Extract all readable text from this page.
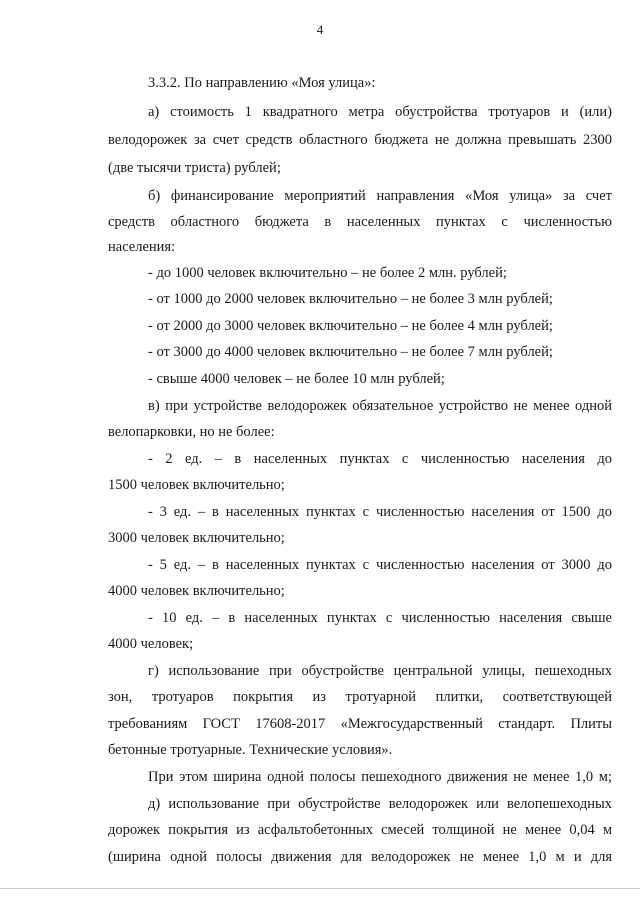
4
3.3.2. По направлению «Моя улица»:
а) стоимость 1 квадратного метра обустройства тротуаров и (или)
велодорожек за счет средств областного бюджета не должна превышать 2300
(две тысячи триста) рублей;
б) финансирование мероприятий направления «Моя улица» за счет
средств областного бюджета в населенных пунктах с численностью
населения:
- до 1000 человек включительно – не более 2 млн. рублей;
- от 1000 до 2000 человек включительно – не более 3 млн рублей;
- от 2000 до 3000 человек включительно – не более 4 млн рублей;
- от 3000 до 4000 человек включительно – не более 7 млн рублей;
- свыше 4000 человек – не более 10 млн рублей;
в) при устройстве велодорожек обязательное устройство не менее одной
велопарковки, но не более:
- 2 ед. – в населенных пунктах с численностью населения до
1500 человек включительно;
- 3 ед. – в населенных пунктах с численностью населения от 1500 до
3000 человек включительно;
- 5 ед. – в населенных пунктах с численностью населения от 3000 до
4000 человек включительно;
- 10 ед. – в населенных пунктах с численностью населения свыше
4000 человек;
г) использование при обустройстве центральной улицы, пешеходных
зон, тротуаров покрытия из тротуарной плитки, соответствующей
требованиям ГОСТ 17608-2017 «Межгосударственный стандарт. Плиты
бетонные тротуарные. Технические условия».
При этом ширина одной полосы пешеходного движения не менее 1,0 м;
д) использование при обустройстве велодорожек или велопешеходных
дорожек покрытия из асфальтобетонных смесей толщиной не менее 0,04 м
(ширина одной полосы движения для велодорожек не менее 1,0 м и для
